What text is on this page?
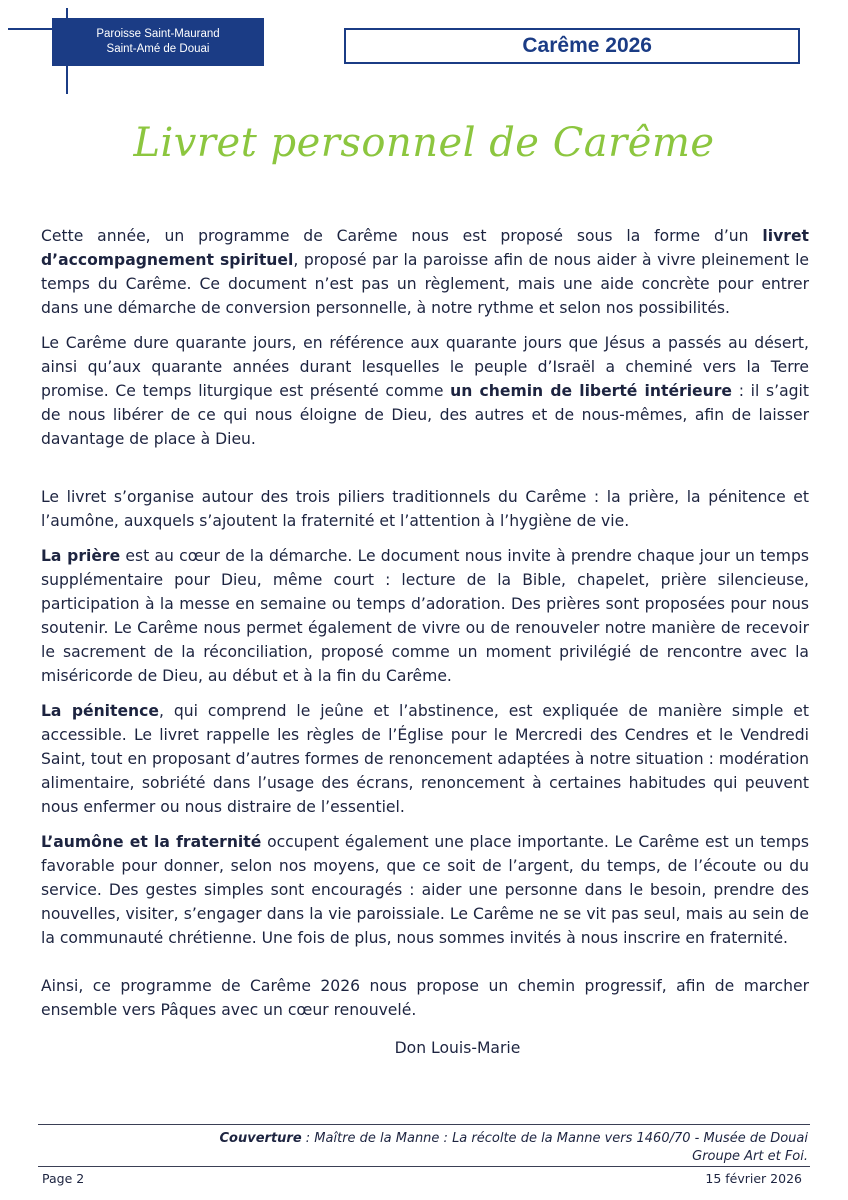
Paroisse Saint-Maurand
Saint-Amé de Douai	Carême 2026
Livret personnel de Carême

Cette année, un programme de Carême nous est proposé sous la forme d’un livret d’accompagnement spirituel, proposé par la paroisse afin de nous aider à vivre pleinement le temps du Carême. Ce document n’est pas un règlement, mais une aide concrète pour entrer dans une démarche de conversion personnelle, à notre rythme et selon nos possibilités.

Le Carême dure quarante jours, en référence aux quarante jours que Jésus a passés au désert, ainsi qu’aux quarante années durant lesquelles le peuple d’Israël a cheminé vers la Terre promise. Ce temps liturgique est présenté comme un chemin de liberté intérieure : il s’agit de nous libérer de ce qui nous éloigne de Dieu, des autres et de nous-mêmes, afin de laisser davantage de place à Dieu.

Le livret s’organise autour des trois piliers traditionnels du Carême : la prière, la pénitence et l’aumône, auxquels s’ajoutent la fraternité et l’attention à l’hygiène de vie.

La prière est au cœur de la démarche. Le document nous invite à prendre chaque jour un temps supplémentaire pour Dieu, même court : lecture de la Bible, chapelet, prière silencieuse, participation à la messe en semaine ou temps d’adoration. Des prières sont proposées pour nous soutenir. Le Carême nous permet également de vivre ou de renouveler notre manière de recevoir le sacrement de la réconciliation, proposé comme un moment privilégié de rencontre avec la miséricorde de Dieu, au début et à la fin du Carême.

La pénitence, qui comprend le jeûne et l’abstinence, est expliquée de manière simple et accessible. Le livret rappelle les règles de l’Église pour le Mercredi des Cendres et le Vendredi Saint, tout en proposant d’autres formes de renoncement adaptées à notre situation : modération alimentaire, sobriété dans l’usage des écrans, renoncement à certaines habitudes qui peuvent nous enfermer ou nous distraire de l’essentiel.

L’aumône et la fraternité occupent également une place importante. Le Carême est un temps favorable pour donner, selon nos moyens, que ce soit de l’argent, du temps, de l’écoute ou du service. Des gestes simples sont encouragés : aider une personne dans le besoin, prendre des nouvelles, visiter, s’engager dans la vie paroissiale. Le Carême ne se vit pas seul, mais au sein de la communauté chrétienne. Une fois de plus, nous sommes invités à nous inscrire en fraternité.

Ainsi, ce programme de Carême 2026 nous propose un chemin progressif, afin de marcher ensemble vers Pâques avec un cœur renouvelé.

Don Louis-Marie

Couverture : Maître de la Manne : La récolte de la Manne vers 1460/70 - Musée de Douai
Groupe Art et Foi.
Page 2	15 février 2026
